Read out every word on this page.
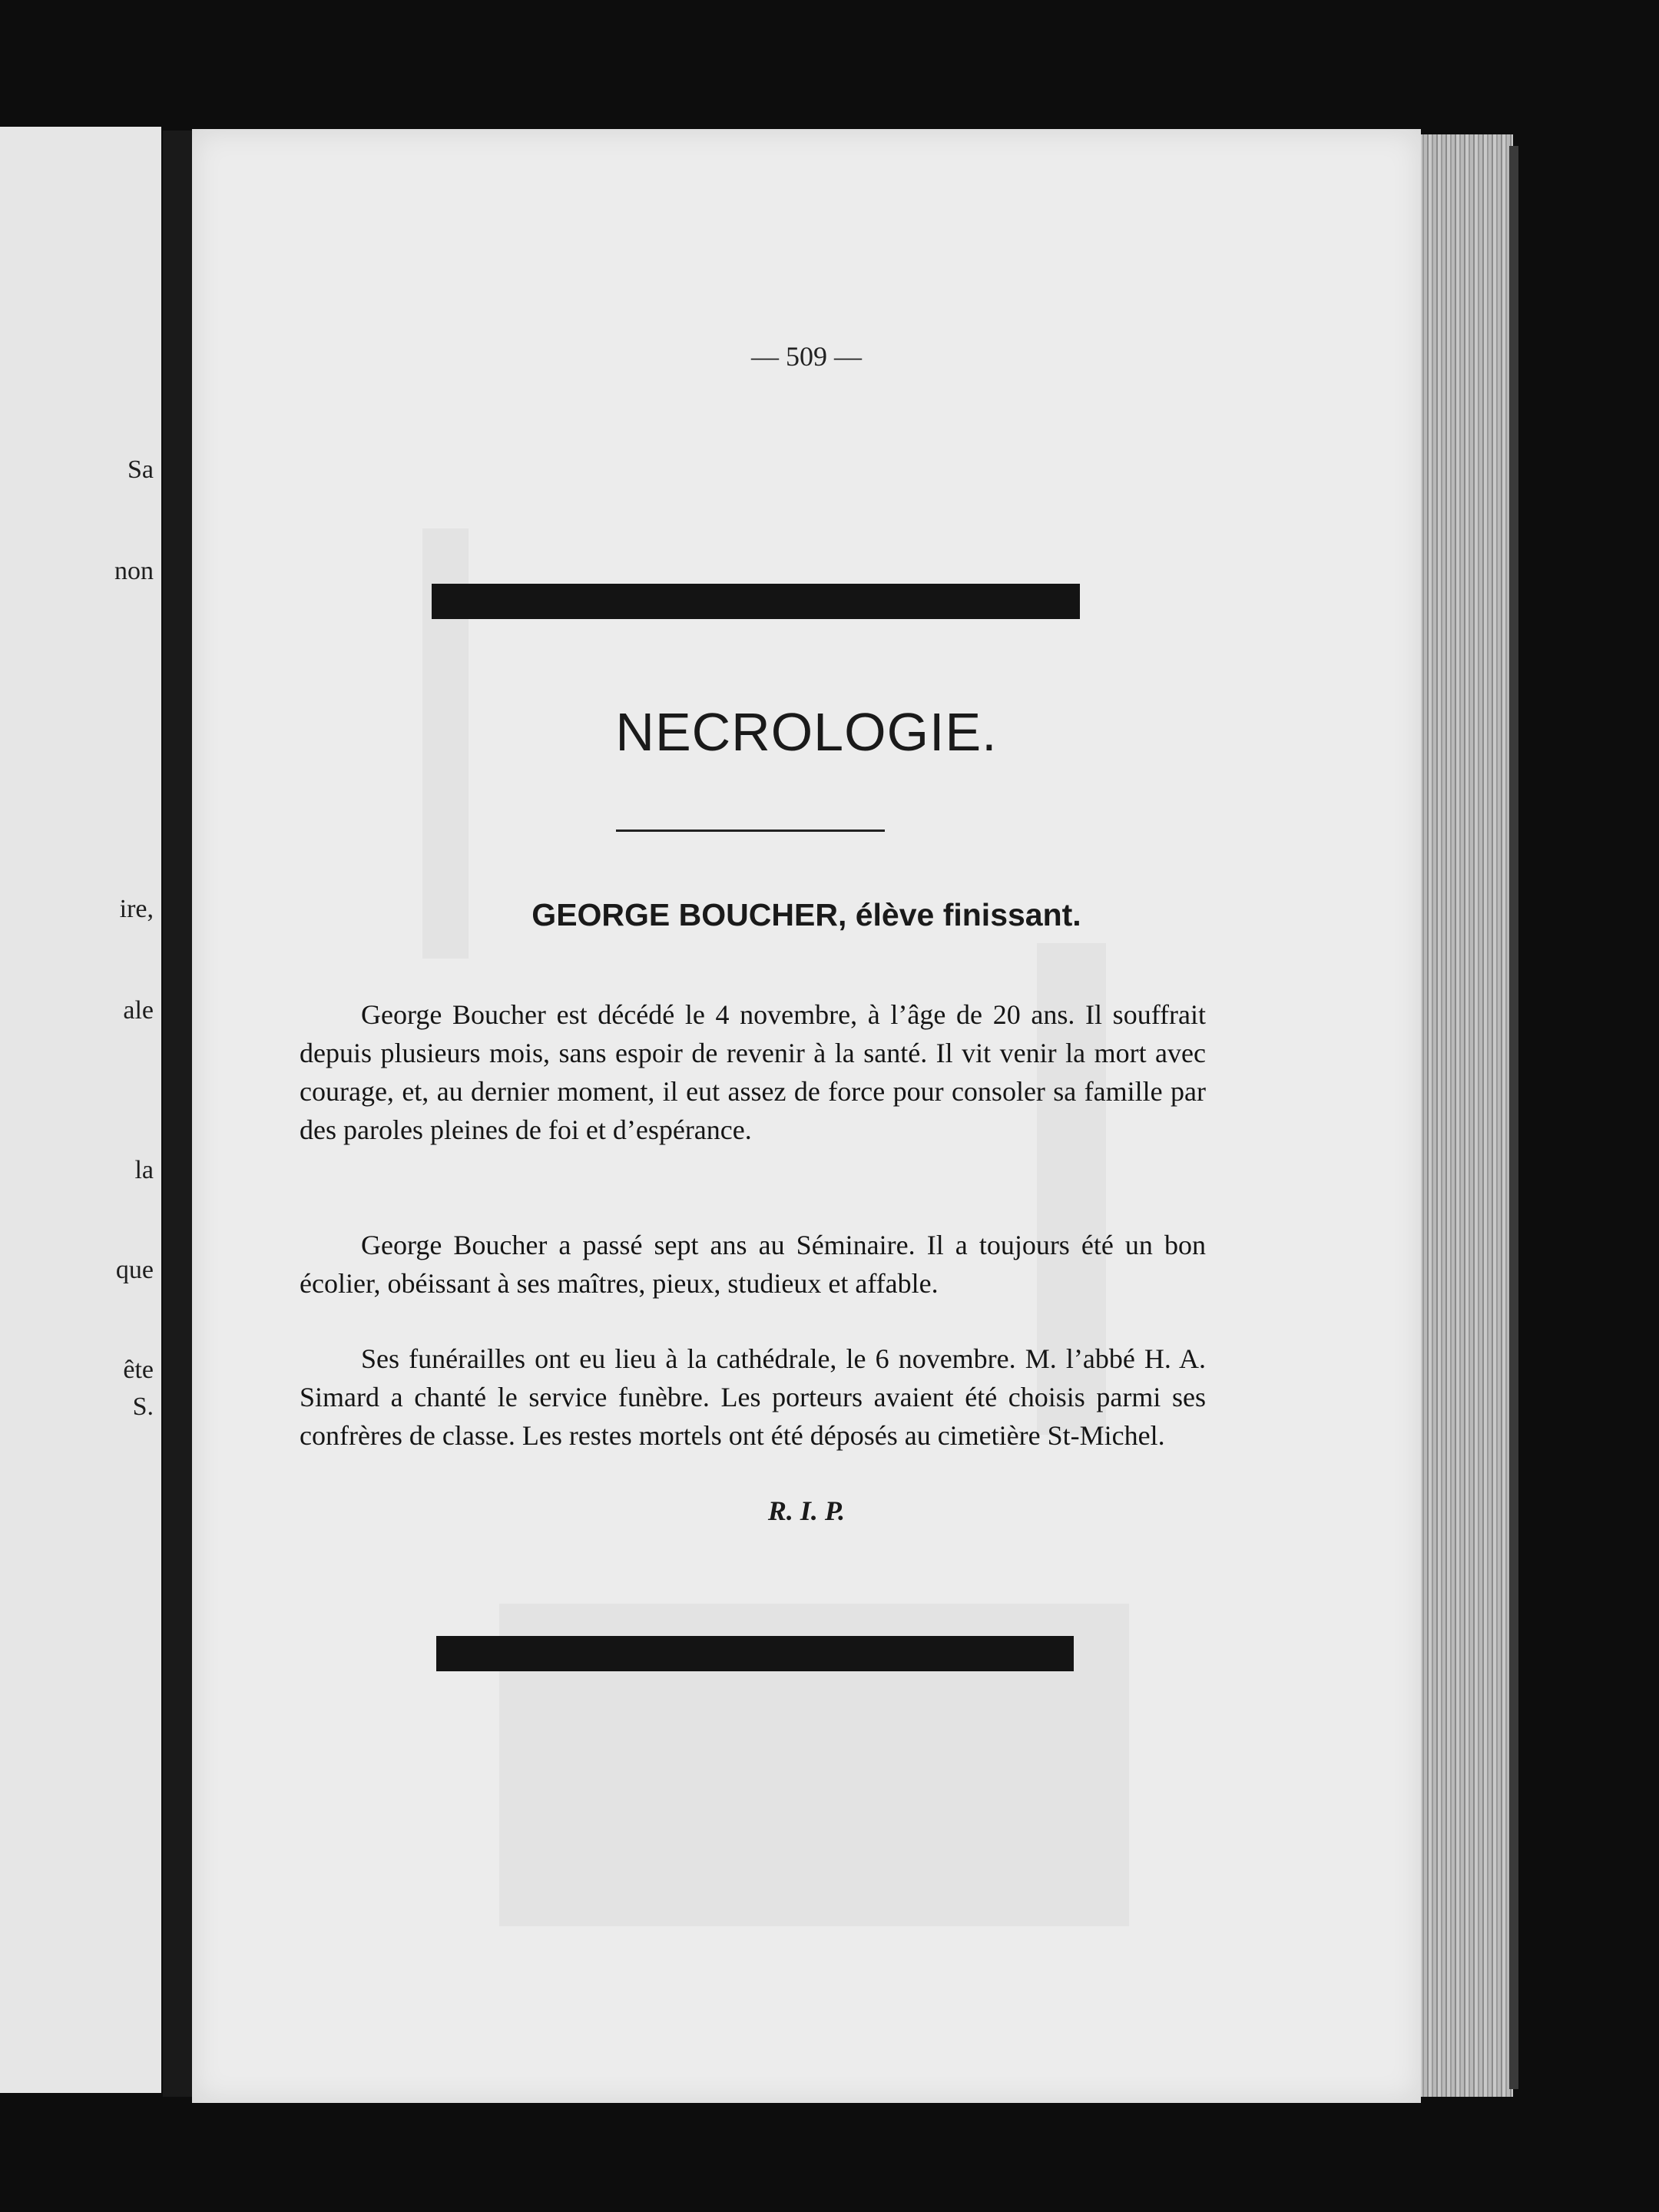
Sa
non
ire,
ale
la
que
ête
S.
— 509 —
NECROLOGIE.
GEORGE BOUCHER, élève finissant.

George Boucher est décédé le 4 novembre, à l’âge de 20 ans. Il souffrait depuis plusieurs mois, sans espoir de revenir à la santé. Il vit venir la mort avec courage, et, au dernier moment, il eut assez de force pour consoler sa famille par des paroles pleines de foi et d’espérance.

George Boucher a passé sept ans au Séminaire. Il a toujours été un bon écolier, obéissant à ses maîtres, pieux, studieux et affable.

Ses funérailles ont eu lieu à la cathédrale, le 6 novembre. M. l’abbé H. A. Simard a chanté le service funèbre. Les porteurs avaient été choisis parmi ses confrères de classe. Les restes mortels ont été déposés au cimetière St-Michel.

R. I. P.
